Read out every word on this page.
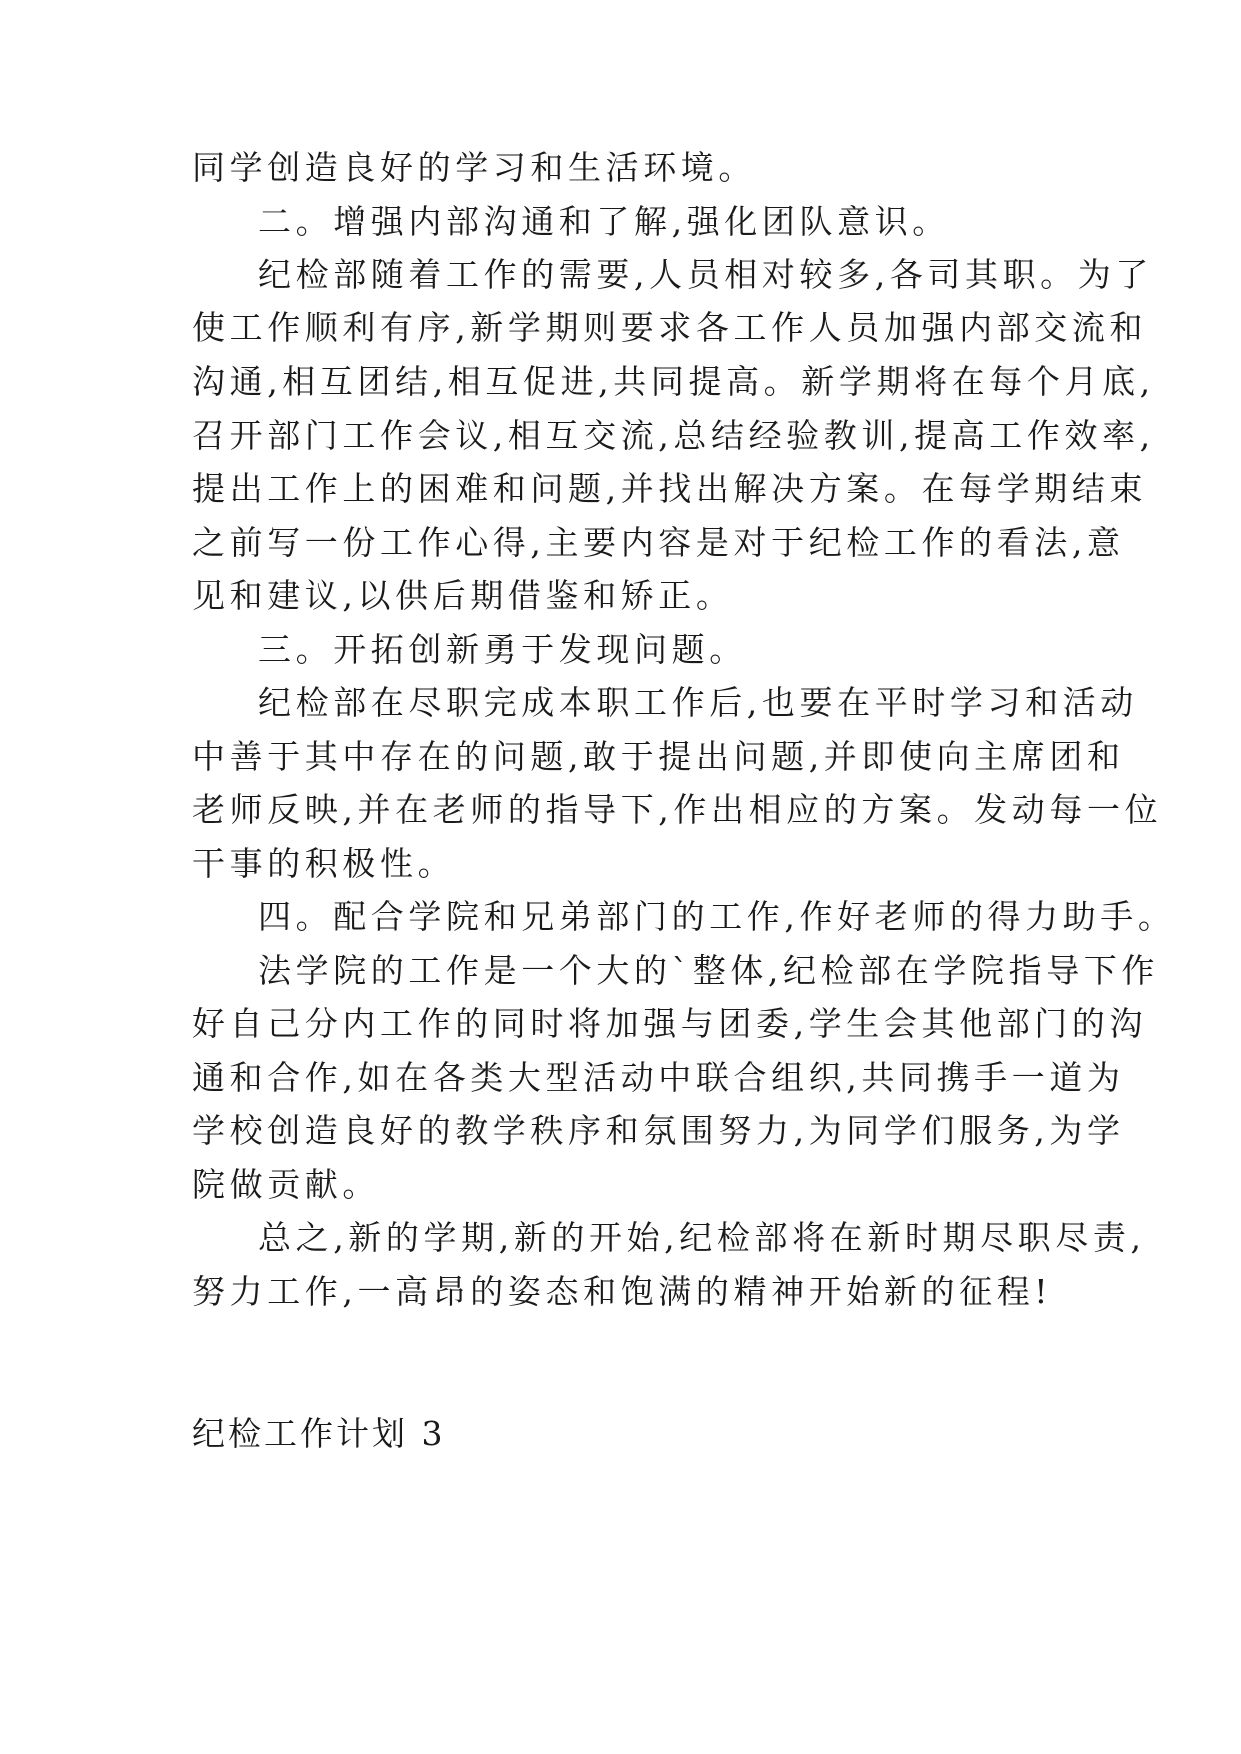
同学创造良好的学习和生活环境。
二。增强内部沟通和了解,强化团队意识。
纪检部随着工作的需要,人员相对较多,各司其职。为了
使工作顺利有序,新学期则要求各工作人员加强内部交流和
沟通,相互团结,相互促进,共同提高。新学期将在每个月底,
召开部门工作会议,相互交流,总结经验教训,提高工作效率,
提出工作上的困难和问题,并找出解决方案。在每学期结束
之前写一份工作心得,主要内容是对于纪检工作的看法,意
见和建议,以供后期借鉴和矫正。
三。开拓创新勇于发现问题。
纪检部在尽职完成本职工作后,也要在平时学习和活动
中善于其中存在的问题,敢于提出问题,并即使向主席团和
老师反映,并在老师的指导下,作出相应的方案。发动每一位
干事的积极性。
四。配合学院和兄弟部门的工作,作好老师的得力助手。
法学院的工作是一个大的`整体,纪检部在学院指导下作
好自己分内工作的同时将加强与团委,学生会其他部门的沟
通和合作,如在各类大型活动中联合组织,共同携手一道为
学校创造良好的教学秩序和氛围努力,为同学们服务,为学
院做贡献。
总之,新的学期,新的开始,纪检部将在新时期尽职尽责,
努力工作,一高昂的姿态和饱满的精神开始新的征程!
纪检工作计划 3
